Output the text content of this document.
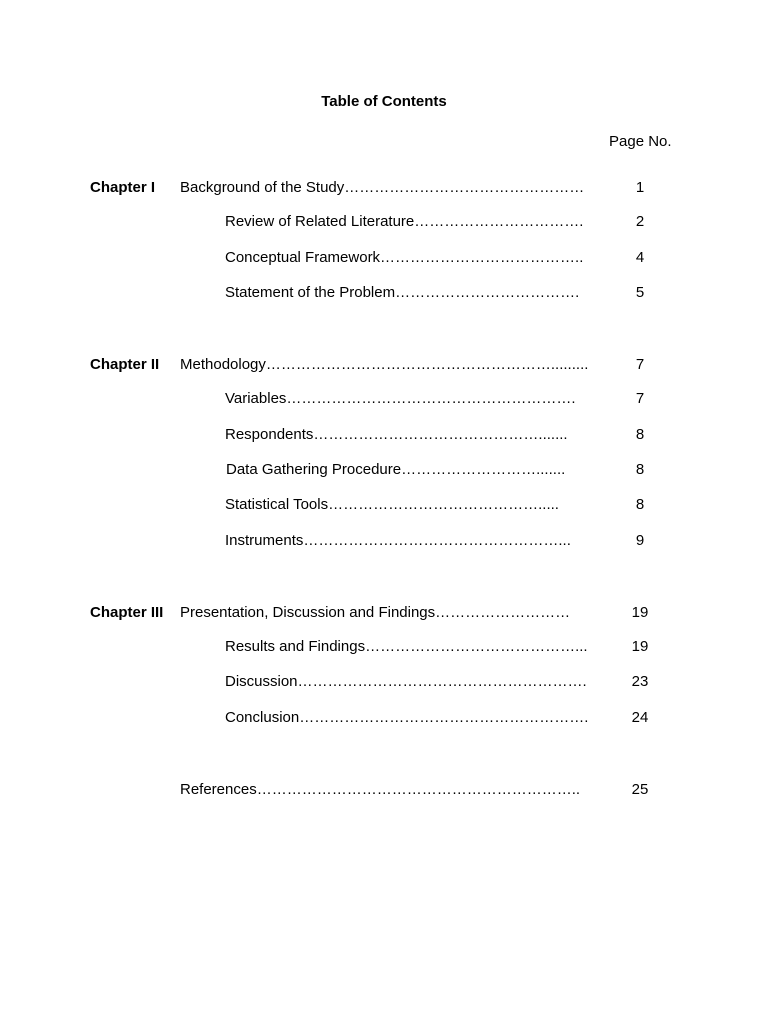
Table of Contents
Page No.
Chapter I Background of the Study…………………………………………	1
Review of Related Literature…………………………….	2
Conceptual Framework…………………………………..	4
Statement of the Problem……………………………….	5
Chapter II Methodology………………………………………………….........	7
Variables………………………………………………….	7
Respondents……………………………………….......	8
Data Gathering Procedure……………………….......	8
Statistical Tools…………………………………….....	8
Instruments……………………………………………...	9
Chapter III Presentation, Discussion and Findings………………………	19
Results and Findings……………………………………...	19
Discussion………………………………………………….	23
Conclusion………………………………………………….	24
References………………………………………………………..	25
